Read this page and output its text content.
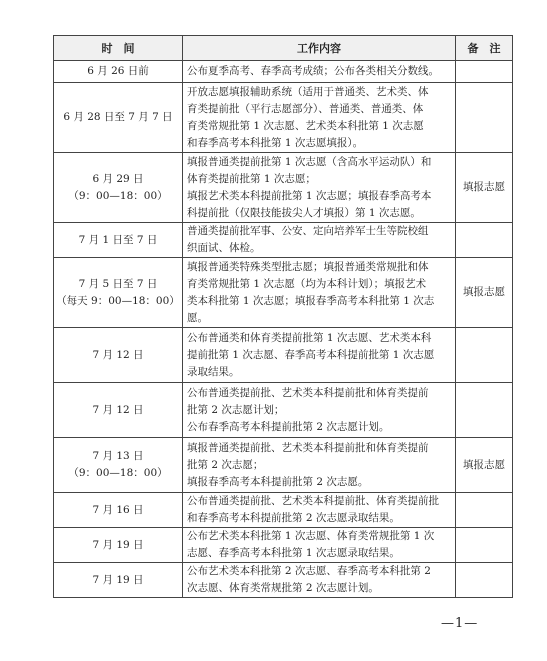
时　间	工作内容	备　注

6 月 26 日前	公布夏季高考、春季高考成绩；公布各类相关分数线。	

6 月 28 日至 7 月 7 日	开放志愿填报辅助系统（适用于普通类、艺术类、体
育类提前批（平行志愿部分）、普通类、普通类、体
育类常规批第 1 次志愿、艺术类本科批第 1 次志愿
和春季高考本科批第 1 次志愿填报）。	

6 月 29 日
（9：00—18：00）	填报普通类提前批第 1 次志愿（含高水平运动队）和
体育类提前批第 1 次志愿；
填报艺术类本科提前批第 1 次志愿；填报春季高考本
科提前批（仅限技能拔尖人才填报）第 1 次志愿。	填报志愿

7 月 1 日至 7 日	普通类提前批军事、公安、定向培养军士生等院校组
织面试、体检。	

7 月 5 日至 7 日
（每天 9：00—18：00）	填报普通类特殊类型批志愿；填报普通类常规批和体
育类常规批第 1 次志愿（均为本科计划）；填报艺术
类本科批第 1 次志愿；填报春季高考本科批第 1 次志
愿。	填报志愿

7 月 12 日	公布普通类和体育类提前批第 1 次志愿、艺术类本科
提前批第 1 次志愿、春季高考本科提前批第 1 次志愿
录取结果。	

7 月 12 日	公布普通类提前批、艺术类本科提前批和体育类提前
批第 2 次志愿计划；
公布春季高考本科提前批第 2 次志愿计划。	

7 月 13 日
（9：00—18：00）	填报普通类提前批、艺术类本科提前批和体育类提前
批第 2 次志愿；
填报春季高考本科提前批第 2 次志愿。	填报志愿

7 月 16 日	公布普通类提前批、艺术类本科提前批、体育类提前批
和春季高考本科提前批第 2 次志愿录取结果。	

7 月 19 日	公布艺术类本科批第 1 次志愿、体育类常规批第 1 次
志愿、春季高考本科批第 1 次志愿录取结果。	

7 月 19 日	公布艺术类本科批第 2 次志愿、春季高考本科批第 2
次志愿、体育类常规批第 2 次志愿计划。	

—1—
